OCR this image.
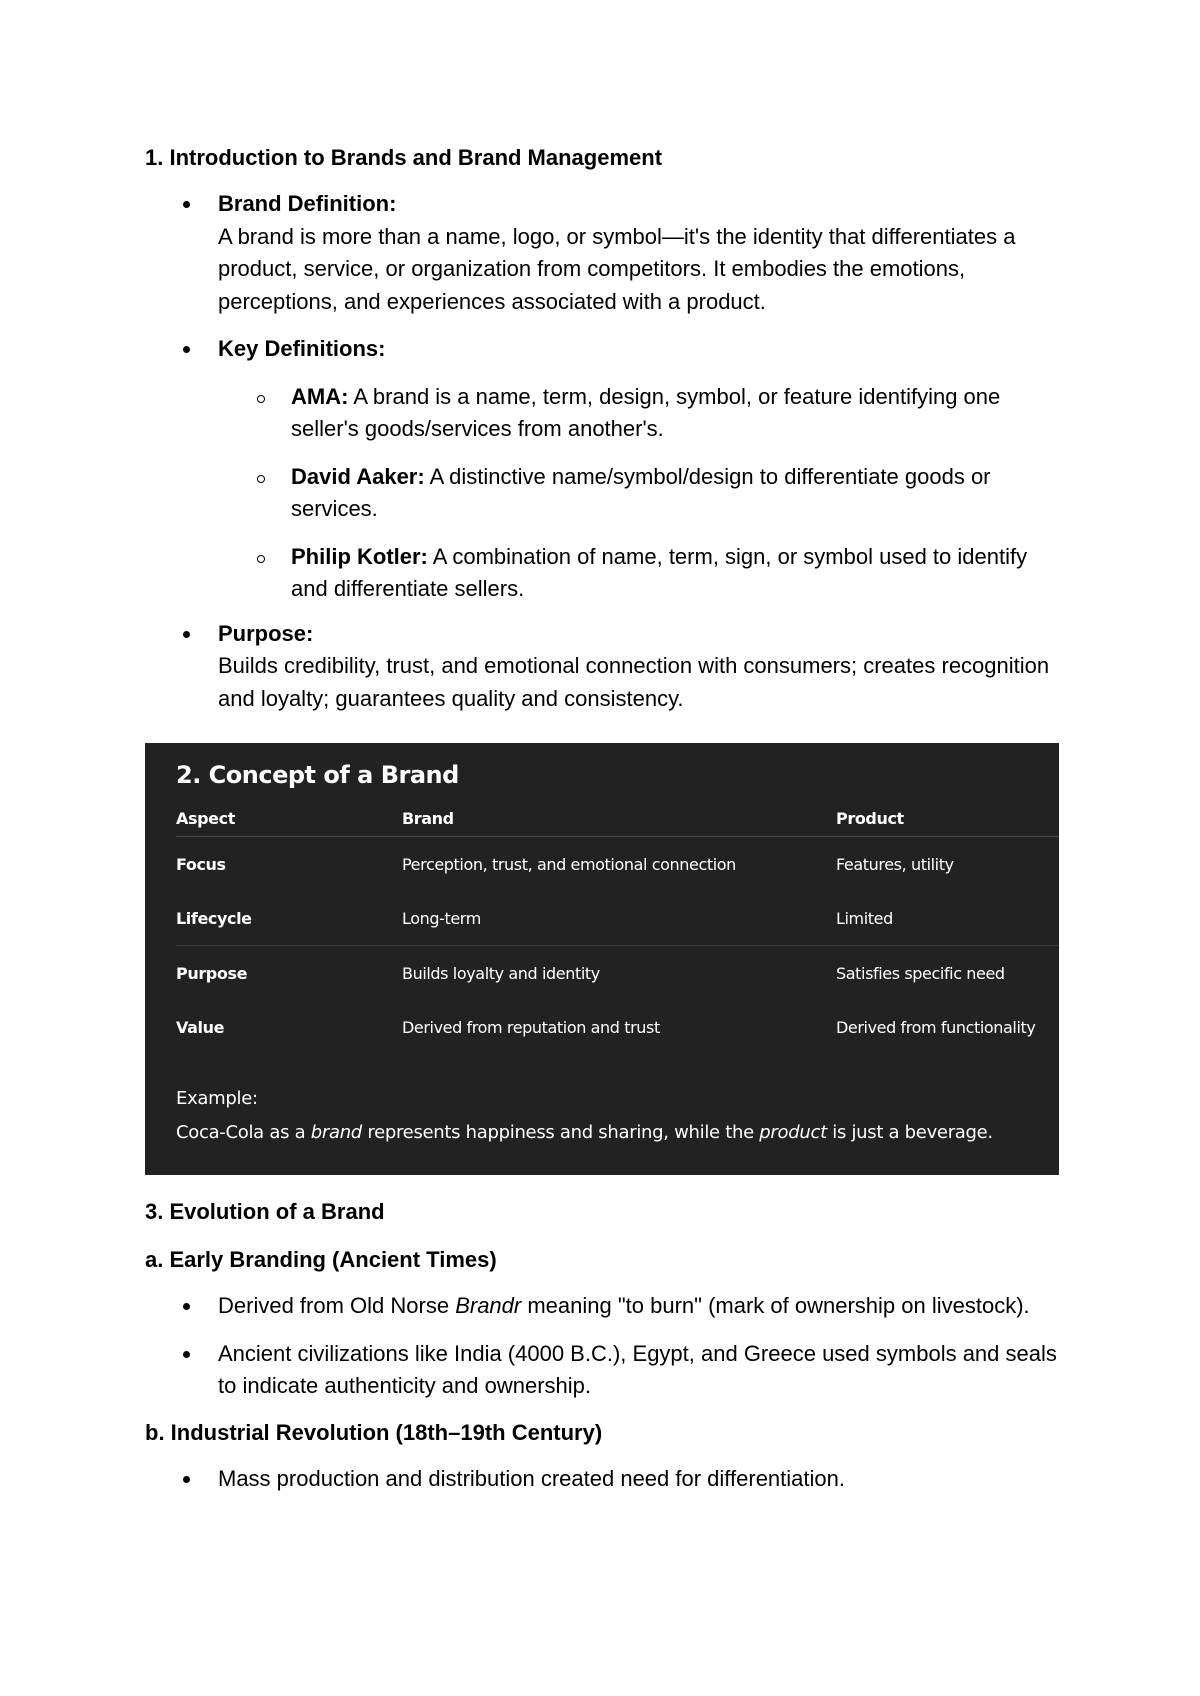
1. Introduction to Brands and Brand Management

Brand Definition:
A brand is more than a name, logo, or symbol—it's the identity that differentiates a product, service, or organization from competitors. It embodies the emotions, perceptions, and experiences associated with a product.
Key Definitions:
AMA: A brand is a name, term, design, symbol, or feature identifying one seller's goods/services from another's.
David Aaker: A distinctive name/symbol/design to differentiate goods or services.
Philip Kotler: A combination of name, term, sign, or symbol used to identify and differentiate sellers.
Purpose:
Builds credibility, trust, and emotional connection with consumers; creates recognition and loyalty; guarantees quality and consistency.
2. Concept of a Brand
Aspect	Brand	Product
Focus	Perception, trust, and emotional connection	Features, utility
Lifecycle	Long-term	Limited
Purpose	Builds loyalty and identity	Satisfies specific need
Value	Derived from reputation and trust	Derived from functionality
Example:
Coca-Cola as a brand represents happiness and sharing, while the product is just a beverage.

3. Evolution of a Brand

a. Early Branding (Ancient Times)

Derived from Old Norse Brandr meaning "to burn" (mark of ownership on livestock).
Ancient civilizations like India (4000 B.C.), Egypt, and Greece used symbols and seals to indicate authenticity and ownership.

b. Industrial Revolution (18th–19th Century)

Mass production and distribution created need for differentiation.
